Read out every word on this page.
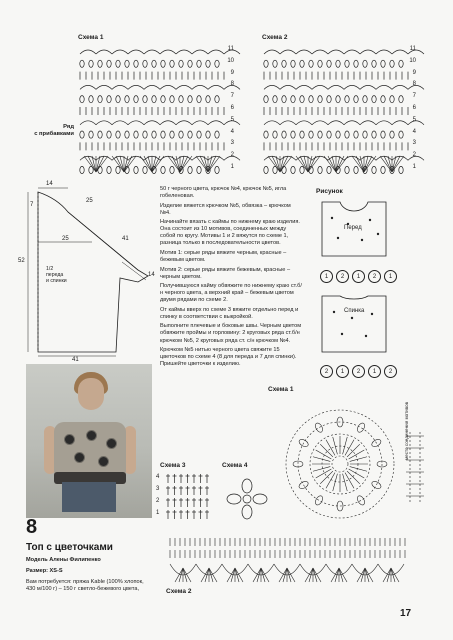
Схема 1	Схема 2
Ряд
с прибавками
11
10
9
8
7
6
5
4
3
2
1
11
10
9
8
7
6
5
4
3
2
1
14
7
25
25	41
52
14
41
1/2
переда
и спинки
8
Топ с цветочками
Модель Алены Филипенко
Размер: XS-S
Вам потребуется: пряжа Kable (100% хлопок, 430 м/100 г) – 150 г светло-бежевого цвета,

50 г черного цвета, крючок №4, крючок №5, игла гобеленовая.

Изделие вяжется крючком №5, обвязка – крючком №4.

Начинайте вязать с каймы по нижнему краю изделия. Она состоит из 10 мотивов, соединенных между собой по кругу. Мотивы 1 и 2 вяжутся по схеме 1, разница только в последовательности цветов.

Мотив 1: серые ряды вяжите черным, красные – бежевым цветом.

Мотив 2: серые ряды вяжите бежевым, красные – черным цветом.

Получившуюся кайму обвяжите по нижнему краю ст.б/н черного цвета, а верхний край – бежевым цветом двумя рядами по схеме 2.

От каймы вверх по схеме 3 вяжите отдельно перед и спинку в соответствии с выкройкой.

Выполните плечевые и боковые швы. Черным цветом обвяжите проймы и горловину: 2 круговых ряда ст.б/н крючком №5, 2 круговых ряда ст. с/н крючком №4.

Крючком №5 нитью черного цвета свяжите 15 цветочков по схеме 4 (8 для переда и 7 для спинки). Пришейте цветочки к изделию.

Рисунок
Перед
1	2	1	2	1
Спинка
2	1	2	1	2
Схема 1
место соединения мотивов
Схема 3
4
3
2
1
Схема 4
Схема 2
17
